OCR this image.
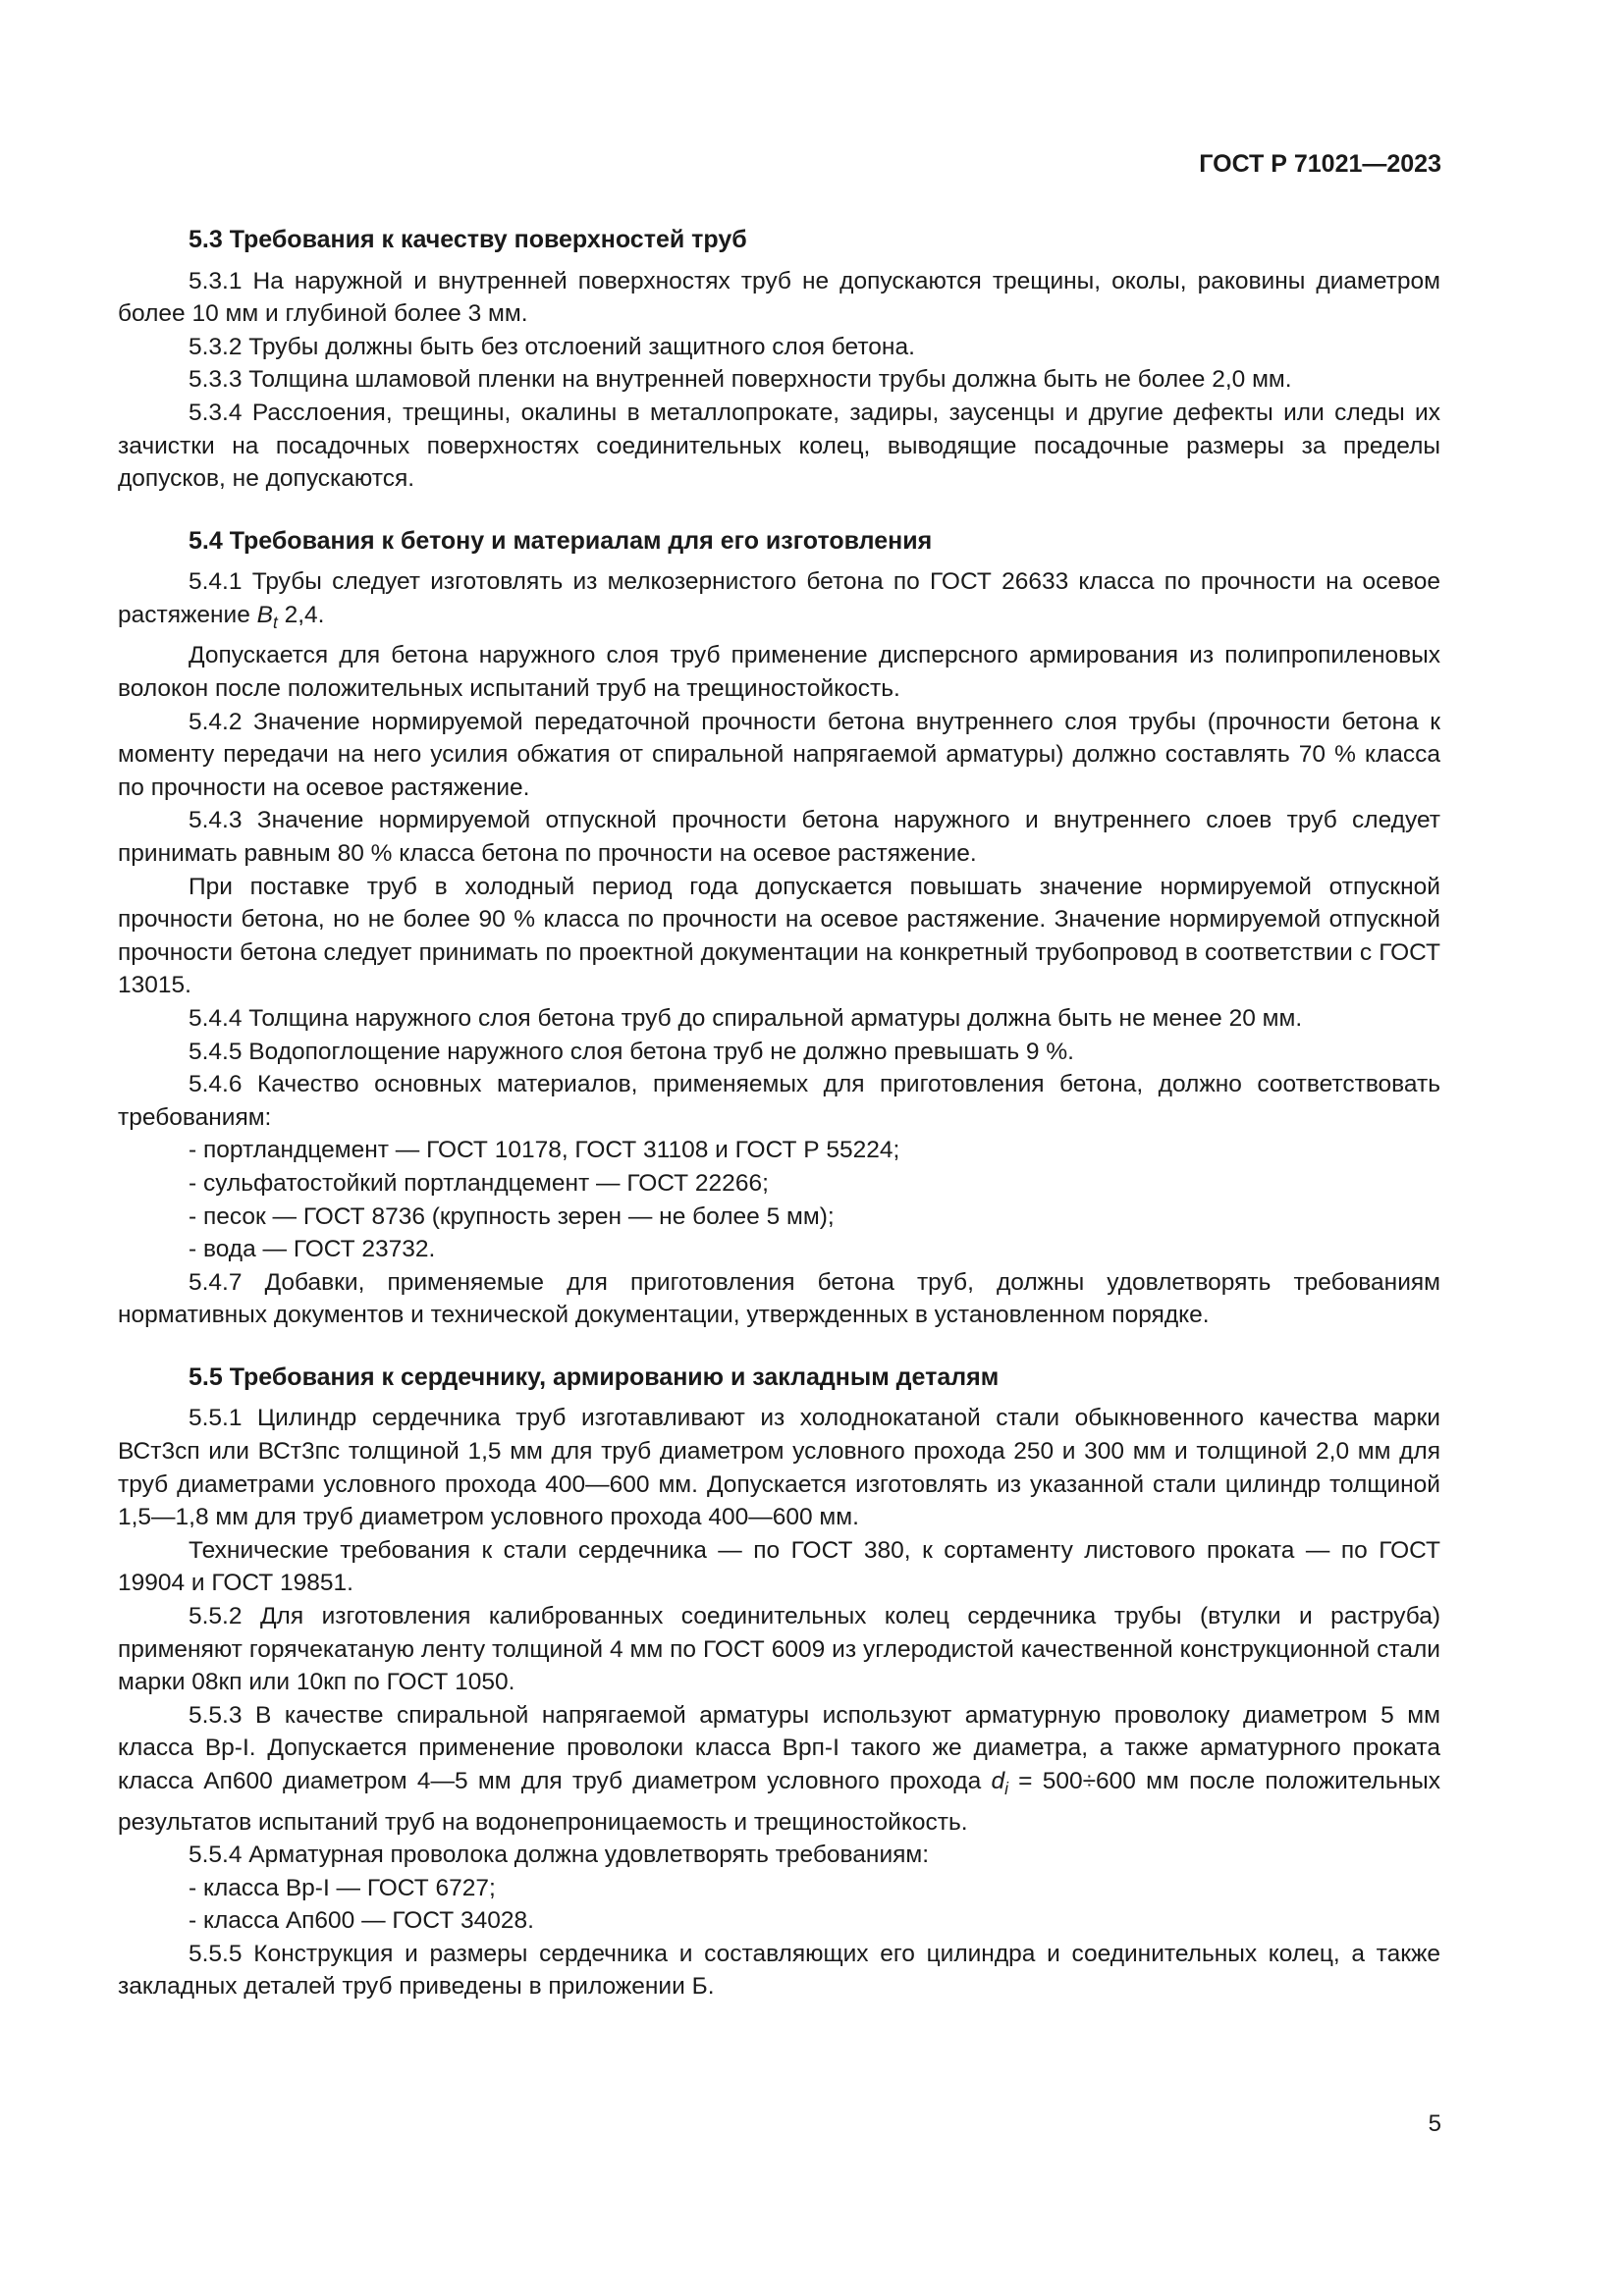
ГОСТ Р 71021—2023

5.3 Требования к качеству поверхностей труб

5.3.1 На наружной и внутренней поверхностях труб не допускаются трещины, околы, раковины диаметром более 10 мм и глубиной более 3 мм.

5.3.2 Трубы должны быть без отслоений защитного слоя бетона.

5.3.3 Толщина шламовой пленки на внутренней поверхности трубы должна быть не более 2,0 мм.

5.3.4 Расслоения, трещины, окалины в металлопрокате, задиры, заусенцы и другие дефекты или следы их зачистки на посадочных поверхностях соединительных колец, выводящие посадочные размеры за пределы допусков, не допускаются.

5.4 Требования к бетону и материалам для его изготовления

5.4.1 Трубы следует изготовлять из мелкозернистого бетона по ГОСТ 26633 класса по прочности на осевое растяжение $B_t$ 2,4.

Допускается для бетона наружного слоя труб применение дисперсного армирования из полипропиленовых волокон после положительных испытаний труб на трещиностойкость.

5.4.2 Значение нормируемой передаточной прочности бетона внутреннего слоя трубы (прочности бетона к моменту передачи на него усилия обжатия от спиральной напрягаемой арматуры) должно составлять 70 % класса по прочности на осевое растяжение.

5.4.3 Значение нормируемой отпускной прочности бетона наружного и внутреннего слоев труб следует принимать равным 80 % класса бетона по прочности на осевое растяжение.

При поставке труб в холодный период года допускается повышать значение нормируемой отпускной прочности бетона, но не более 90 % класса по прочности на осевое растяжение. Значение нормируемой отпускной прочности бетона следует принимать по проектной документации на конкретный трубопровод в соответствии с ГОСТ 13015.

5.4.4 Толщина наружного слоя бетона труб до спиральной арматуры должна быть не менее 20 мм.

5.4.5 Водопоглощение наружного слоя бетона труб не должно превышать 9 %.

5.4.6 Качество основных материалов, применяемых для приготовления бетона, должно соответствовать требованиям:

- портландцемент — ГОСТ 10178, ГОСТ 31108 и ГОСТ Р 55224;

- сульфатостойкий портландцемент — ГОСТ 22266;

- песок — ГОСТ 8736 (крупность зерен — не более 5 мм);

- вода — ГОСТ 23732.

5.4.7 Добавки, применяемые для приготовления бетона труб, должны удовлетворять требованиям нормативных документов и технической документации, утвержденных в установленном порядке.

5.5 Требования к сердечнику, армированию и закладным деталям

5.5.1 Цилиндр сердечника труб изготавливают из холоднокатаной стали обыкновенного качества марки ВСт3сп или ВСт3пс толщиной 1,5 мм для труб диаметром условного прохода 250 и 300 мм и толщиной 2,0 мм для труб диаметрами условного прохода 400—600 мм. Допускается изготовлять из указанной стали цилиндр толщиной 1,5—1,8 мм для труб диаметром условного прохода 400—600 мм.

Технические требования к стали сердечника — по ГОСТ 380, к сортаменту листового проката — по ГОСТ 19904 и ГОСТ 19851.

5.5.2 Для изготовления калиброванных соединительных колец сердечника трубы (втулки и раструба) применяют горячекатаную ленту толщиной 4 мм по ГОСТ 6009 из углеродистой качественной конструкционной стали марки 08кп или 10кп по ГОСТ 1050.

5.5.3 В качестве спиральной напрягаемой арматуры используют арматурную проволоку диаметром 5 мм класса Вр-I. Допускается применение проволоки класса Врп-I такого же диаметра, а также арматурного проката класса Ап600 диаметром 4—5 мм для труб диаметром условного прохода $d_i = 500\div 600$ мм после положительных результатов испытаний труб на водонепроницаемость и трещиностойкость.

5.5.4 Арматурная проволока должна удовлетворять требованиям:

- класса Вр-I — ГОСТ 6727;

- класса Ап600 — ГОСТ 34028.

5.5.5 Конструкция и размеры сердечника и составляющих его цилиндра и соединительных колец, а также закладных деталей труб приведены в приложении Б.

5
